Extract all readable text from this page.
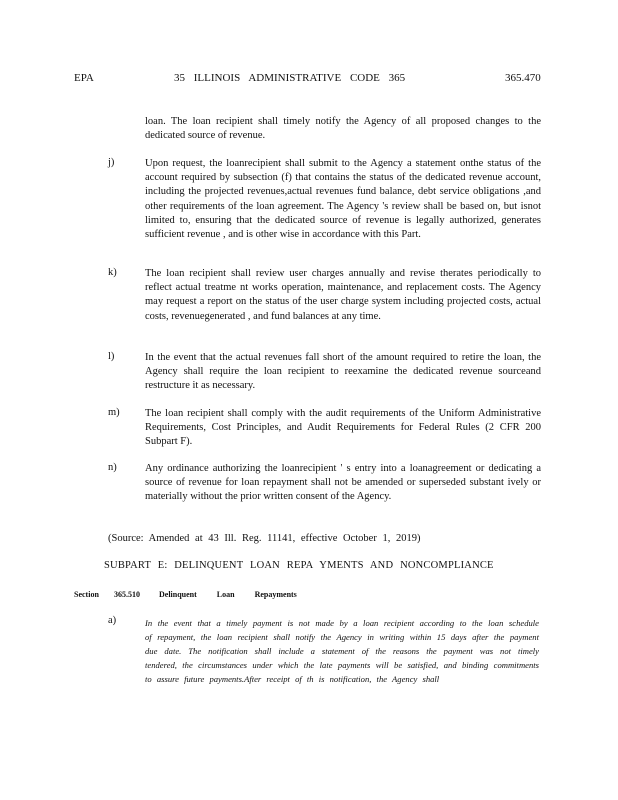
EPA	35 ILLINOIS ADMINISTRATIVE CODE 365	365.470
loan. The loan recipient shall timely notify the Agency of all proposed changes to the dedicated source of revenue.
j)	Upon request, the loanrecipient shall submit to the Agency a statement onthe status of the account required by subsection (f) that contains the status of the dedicated revenue account, including the projected revenues,actual revenues fund balance, debt service obligations ,and other requirements of the loan agreement. The Agency 's review shall be based on, but isnot limited to, ensuring that the dedicated source of revenue is legally authorized, generates sufficient revenue , and is other wise in accordance with this Part.
k)	The loan recipient shall review user charges annually and revise therates periodically to reflect actual treatme nt works operation, maintenance, and replacement costs. The Agency may request a report on the status of the user charge system including projected costs, actual costs, revenuegenerated , and fund balances at any time.
l)	In the event that the actual revenues fall short of the amount required to retire the loan, the Agency shall require the loan recipient to reexamine the dedicated revenue sourceand restructure it as necessary.
m) The loan recipient shall comply with the audit requirements of the Uniform Administrative Requirements, Cost Principles, and Audit Requirements for Federal Rules (2 CFR 200 Subpart F).
n)	Any ordinance authorizing the loanrecipient ' s entry into a loanagreement or dedicating a source of revenue for loan repayment shall not be amended or superseded substant ively or materially without the prior written consent of the Agency.
(Source: Amended at 43 Ill. Reg. 11141, effective October 1, 2019)
SUBPART E: DELINQUENT LOAN REPA YMENTS AND NONCOMPLIANCE
Section 365.510 Delinquent Loan Repayments
a)	In the event that a timely payment is not made by a loan recipient according to the loan schedule of repayment, the loan recipient shall notify the Agency in writing within 15 days after the payment due date. The notification shall include a statement of the reasons the payment was not timely tendered, the circumstances under which the late payments will be satisfied, and binding commitments to assure future payments.After receipt of th is notification, the Agency shall
